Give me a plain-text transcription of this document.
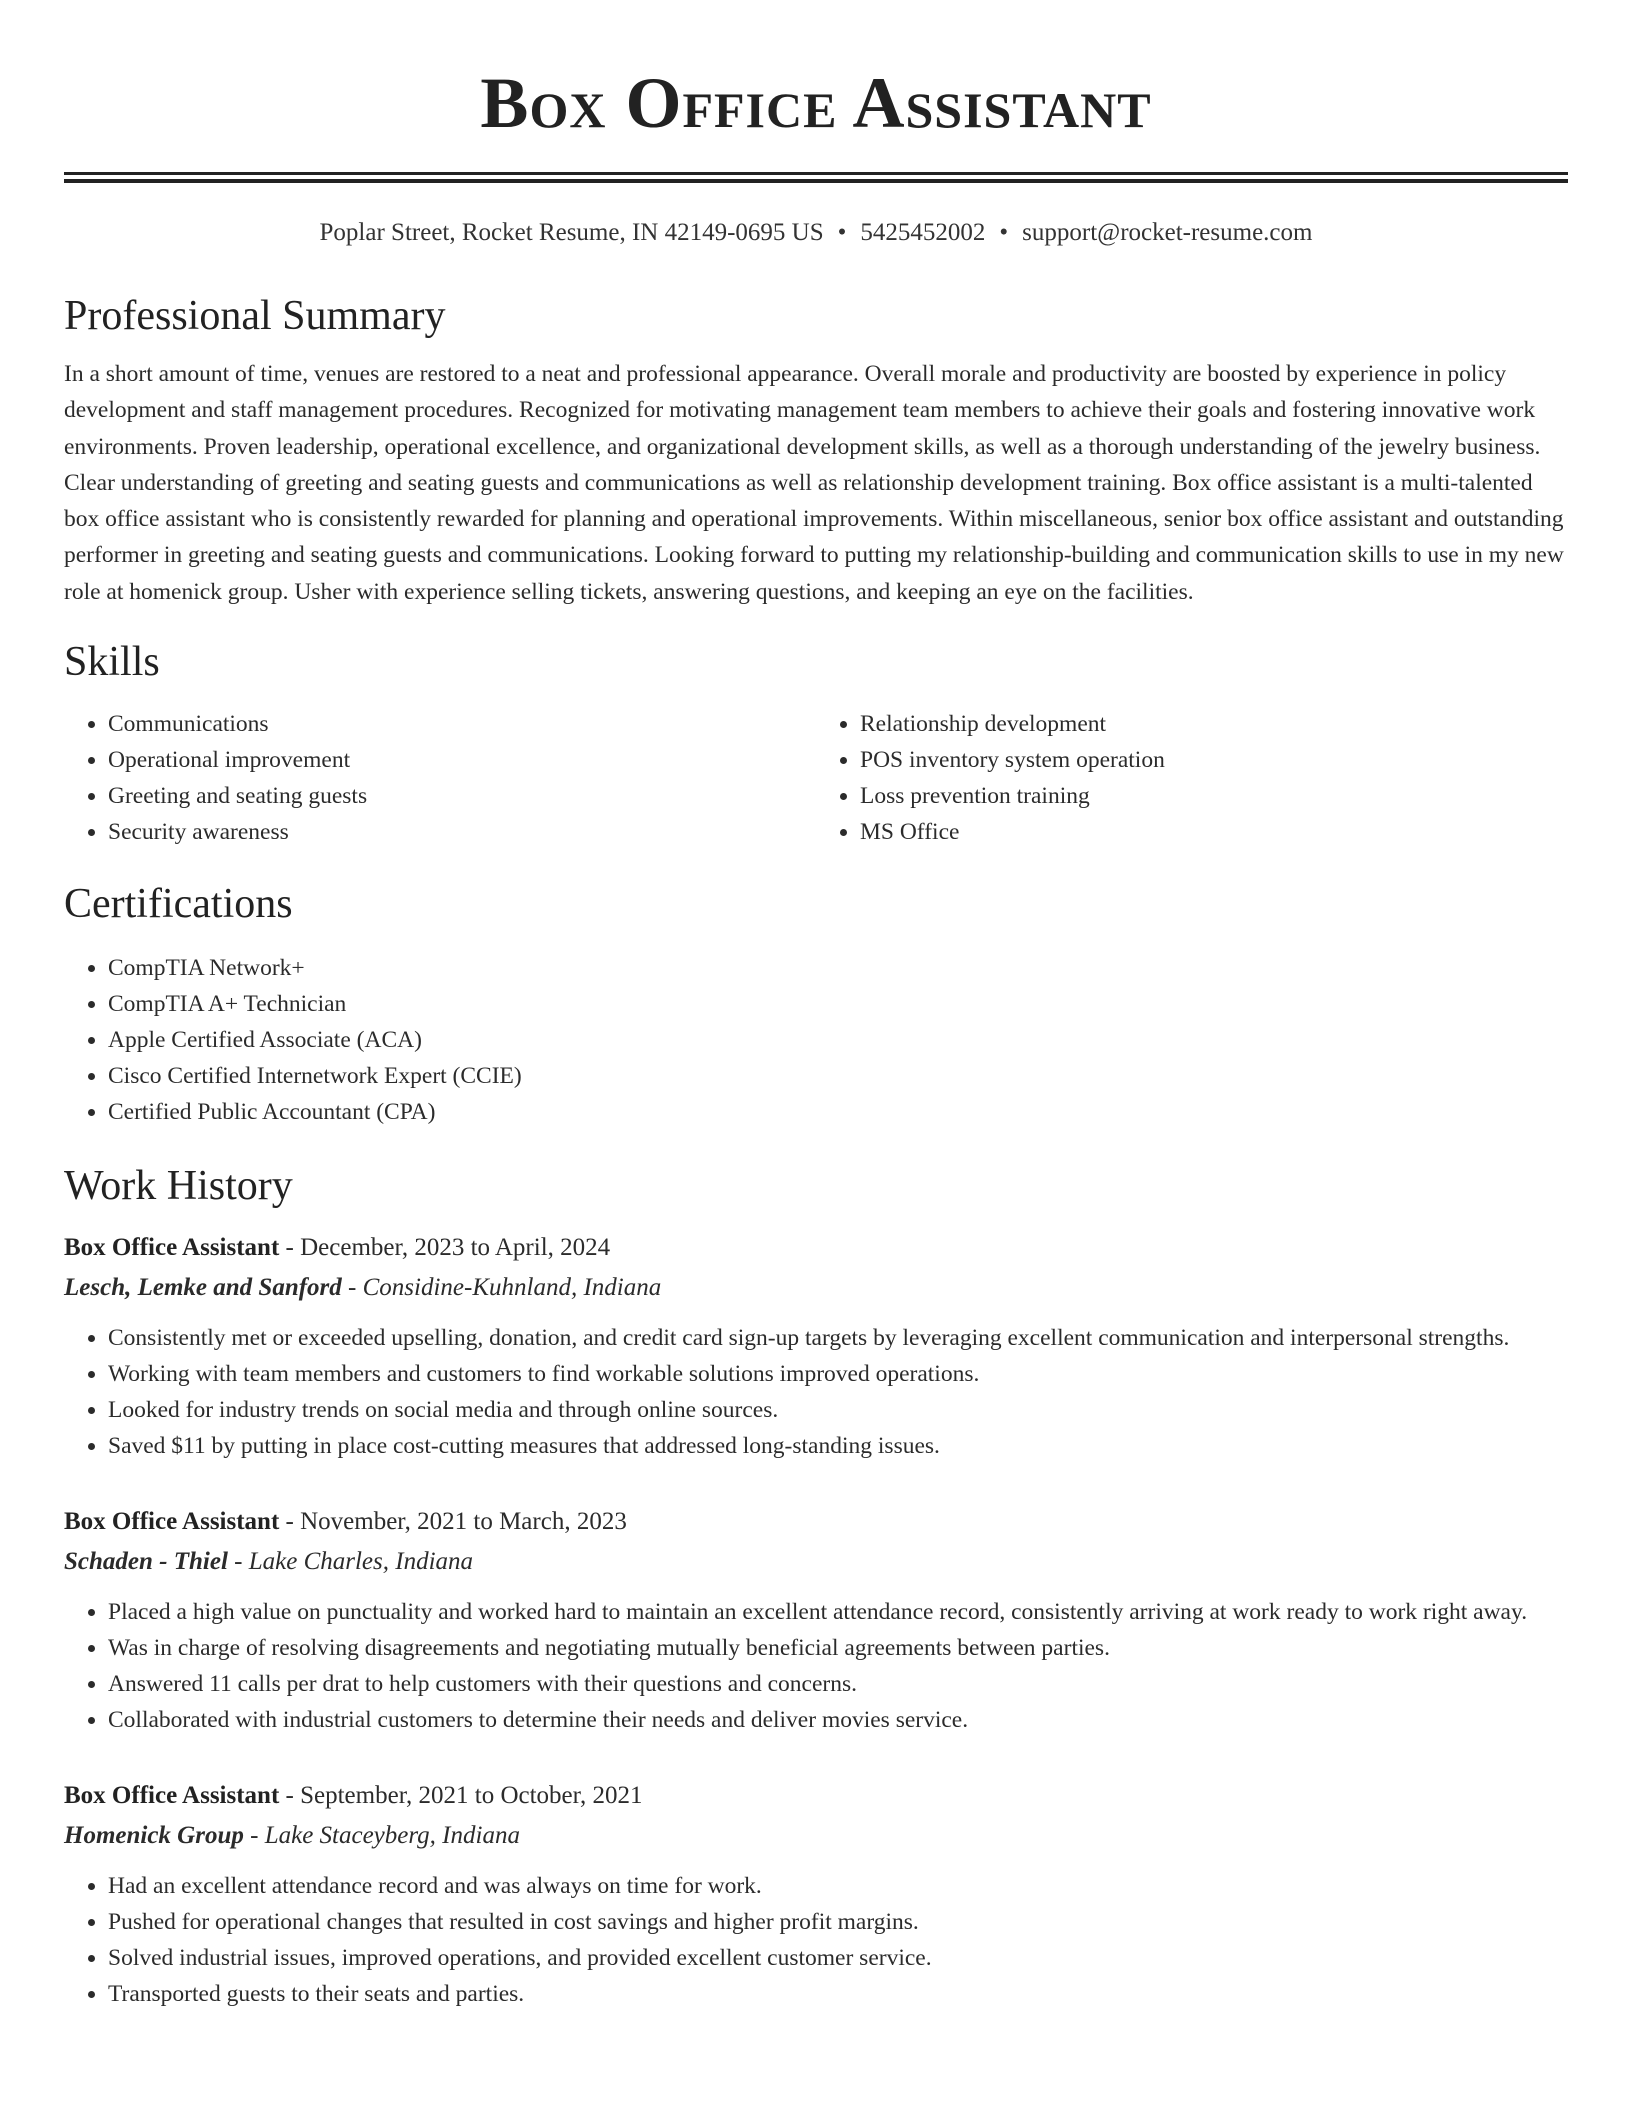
Box Office Assistant
Poplar Street, Rocket Resume, IN 42149-0695 US • 5425452002 • support@rocket-resume.com
Professional Summary

In a short amount of time, venues are restored to a neat and professional appearance. Overall morale and productivity are boosted by experience in policy development and staff management procedures. Recognized for motivating management team members to achieve their goals and fostering innovative work environments. Proven leadership, operational excellence, and organizational development skills, as well as a thorough understanding of the jewelry business. Clear understanding of greeting and seating guests and communications as well as relationship development training. Box office assistant is a multi-talented box office assistant who is consistently rewarded for planning and operational improvements. Within miscellaneous, senior box office assistant and outstanding performer in greeting and seating guests and communications. Looking forward to putting my relationship-building and communication skills to use in my new role at homenick group. Usher with experience selling tickets, answering questions, and keeping an eye on the facilities.

Skills
• Communications
• Operational improvement
• Greeting and seating guests
• Security awareness
• Relationship development
• POS inventory system operation
• Loss prevention training
• MS Office
Certifications
• CompTIA Network+
• CompTIA A+ Technician
• Apple Certified Associate (ACA)
• Cisco Certified Internetwork Expert (CCIE)
• Certified Public Accountant (CPA)
Work History
Box Office Assistant - December, 2023 to April, 2024
Lesch, Lemke and Sanford - Considine-Kuhnland, Indiana
• Consistently met or exceeded upselling, donation, and credit card sign-up targets by leveraging excellent communication and interpersonal strengths.
• Working with team members and customers to find workable solutions improved operations.
• Looked for industry trends on social media and through online sources.
• Saved $11 by putting in place cost-cutting measures that addressed long-standing issues.
Box Office Assistant - November, 2021 to March, 2023
Schaden - Thiel - Lake Charles, Indiana
• Placed a high value on punctuality and worked hard to maintain an excellent attendance record, consistently arriving at work ready to work right away.
• Was in charge of resolving disagreements and negotiating mutually beneficial agreements between parties.
• Answered 11 calls per drat to help customers with their questions and concerns.
• Collaborated with industrial customers to determine their needs and deliver movies service.
Box Office Assistant - September, 2021 to October, 2021
Homenick Group - Lake Staceyberg, Indiana
• Had an excellent attendance record and was always on time for work.
• Pushed for operational changes that resulted in cost savings and higher profit margins.
• Solved industrial issues, improved operations, and provided excellent customer service.
• Transported guests to their seats and parties.
